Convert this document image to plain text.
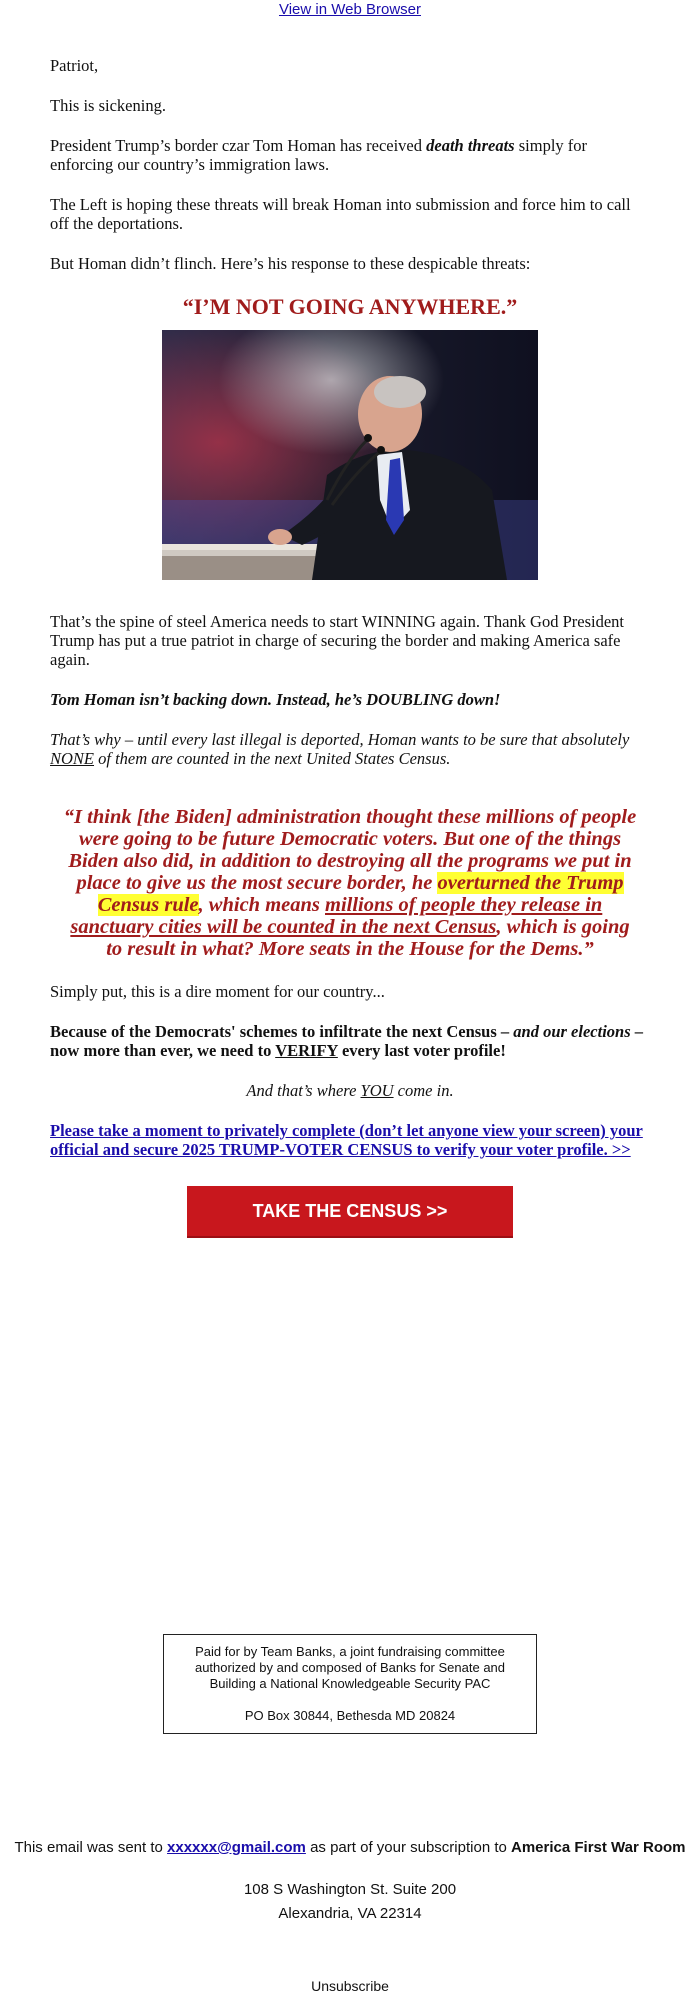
View in Web Browser

Patriot,

This is sickening.

President Trump’s border czar Tom Homan has received death threats simply for enforcing our country’s immigration laws.

The Left is hoping these threats will break Homan into submission and force him to call off the deportations.

But Homan didn’t flinch. Here’s his response to these despicable threats:

“I’M NOT GOING ANYWHERE.”

That’s the spine of steel America needs to start WINNING again. Thank God President Trump has put a true patriot in charge of securing the border and making America safe again.

Tom Homan isn’t backing down. Instead, he’s DOUBLING down!

That’s why – until every last illegal is deported, Homan wants to be sure that absolutely NONE of them are counted in the next United States Census.

“I think [the Biden] administration thought these millions of people were going to be future Democratic voters. But one of the things Biden also did, in addition to destroying all the programs we put in place to give us the most secure border, he overturned the Trump Census rule, which means millions of people they release in sanctuary cities will be counted in the next Census, which is going to result in what? More seats in the House for the Dems.”

Simply put, this is a dire moment for our country...

Because of the Democrats' schemes to infiltrate the next Census – and our elections – now more than ever, we need to VERIFY every last voter profile!

And that’s where YOU come in.

Please take a moment to privately complete (don’t let anyone view your screen) your official and secure 2025 TRUMP-VOTER CENSUS to verify your voter profile. >>

TAKE THE CENSUS >>

Paid for by Team Banks, a joint fundraising committee authorized by and composed of Banks for Senate and Building a National Knowledgeable Security PAC

PO Box 30844, Bethesda MD 20824

This email was sent to xxxxxx@gmail.com as part of your subscription to America First War Room
108 S Washington St. Suite 200
Alexandria, VA 22314
Unsubscribe
